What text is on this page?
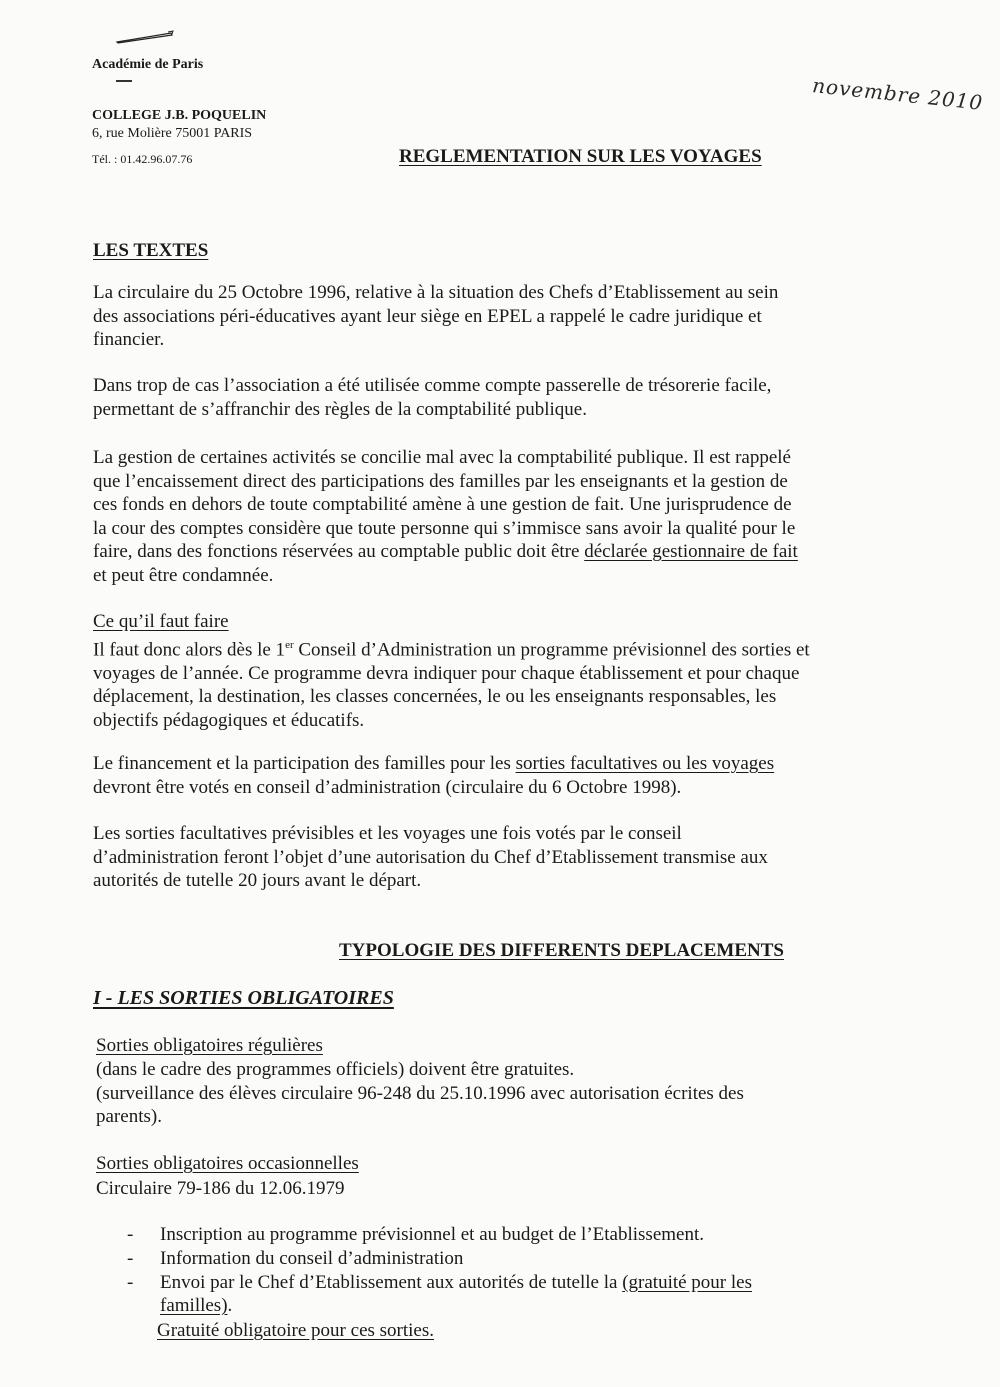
Académie de Paris
COLLEGE J.B. POQUELIN
6, rue Molière 75001 PARIS
Tél. : 01.42.96.07.76
novembre 2010
REGLEMENTATION SUR LES VOYAGES
LES TEXTES
La circulaire du 25 Octobre 1996, relative à la situation des Chefs d’Etablissement au sein
des associations péri-éducatives ayant leur siège en EPEL a rappelé le cadre juridique et
financier.
Dans trop de cas l’association a été utilisée comme compte passerelle de trésorerie facile,
permettant de s’affranchir des règles de la comptabilité publique.
La gestion de certaines activités se concilie mal avec la comptabilité publique. Il est rappelé
que l’encaissement direct des participations des familles par les enseignants et la gestion de
ces fonds en dehors de toute comptabilité amène à une gestion de fait. Une jurisprudence de
la cour des comptes considère que toute personne qui s’immisce sans avoir la qualité pour le
faire, dans des fonctions réservées au comptable public doit être déclarée gestionnaire de fait
et peut être condamnée.
Ce qu’il faut faire
Il faut donc alors dès le 1er Conseil d’Administration un programme prévisionnel des sorties et
voyages de l’année. Ce programme devra indiquer pour chaque établissement et pour chaque
déplacement, la destination, les classes concernées, le ou les enseignants responsables, les
objectifs pédagogiques et éducatifs.
Le financement et la participation des familles pour les sorties facultatives ou les voyages
devront être votés en conseil d’administration (circulaire du 6 Octobre 1998).
Les sorties facultatives prévisibles et les voyages une fois votés par le conseil
d’administration feront l’objet d’une autorisation du Chef d’Etablissement transmise aux
autorités de tutelle 20 jours avant le départ.
TYPOLOGIE DES DIFFERENTS DEPLACEMENTS
I - LES SORTIES OBLIGATOIRES
Sorties obligatoires régulières
(dans le cadre des programmes officiels) doivent être gratuites.
(surveillance des élèves circulaire 96-248 du 25.10.1996 avec autorisation écrites des
parents).
Sorties obligatoires occasionnelles
Circulaire 79-186 du 12.06.1979
- Inscription au programme prévisionnel et au budget de l’Etablissement.
- Information du conseil d’administration
- Envoi par le Chef d’Etablissement aux autorités de tutelle la (gratuité pour les
familles).
Gratuité obligatoire pour ces sorties.
